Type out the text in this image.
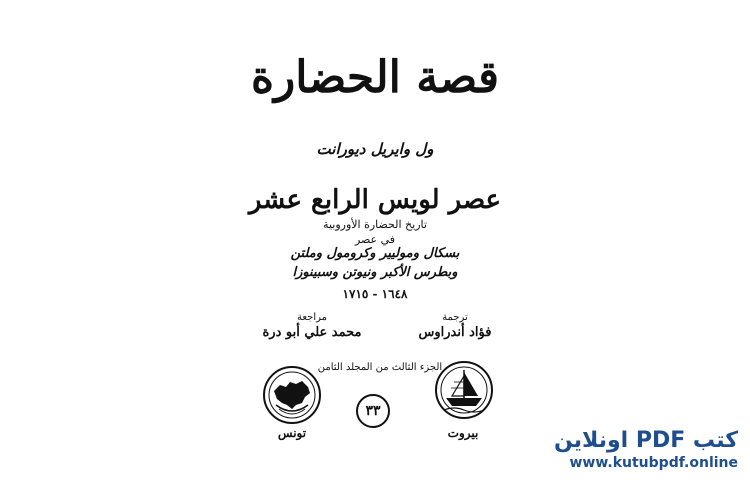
قصة الحضارة
ول وايريل ديورانت
عصر لويس الرابع عشر
تاريخ الحضارة الأوروبية
في عصر
بسكال وموليير وكرومول وملتن
وبطرس الأكبر ونيوتن وسبينوزا
١٦٤٨ - ١٧١٥
ترجمة
فؤاد أندراوس
مراجعة
محمد علي أبو درة
الجزء الثالث من المجلد الثامن
٣٣
تونس	بيروت	كتب PDF اونلاين
www.kutubpdf.online
